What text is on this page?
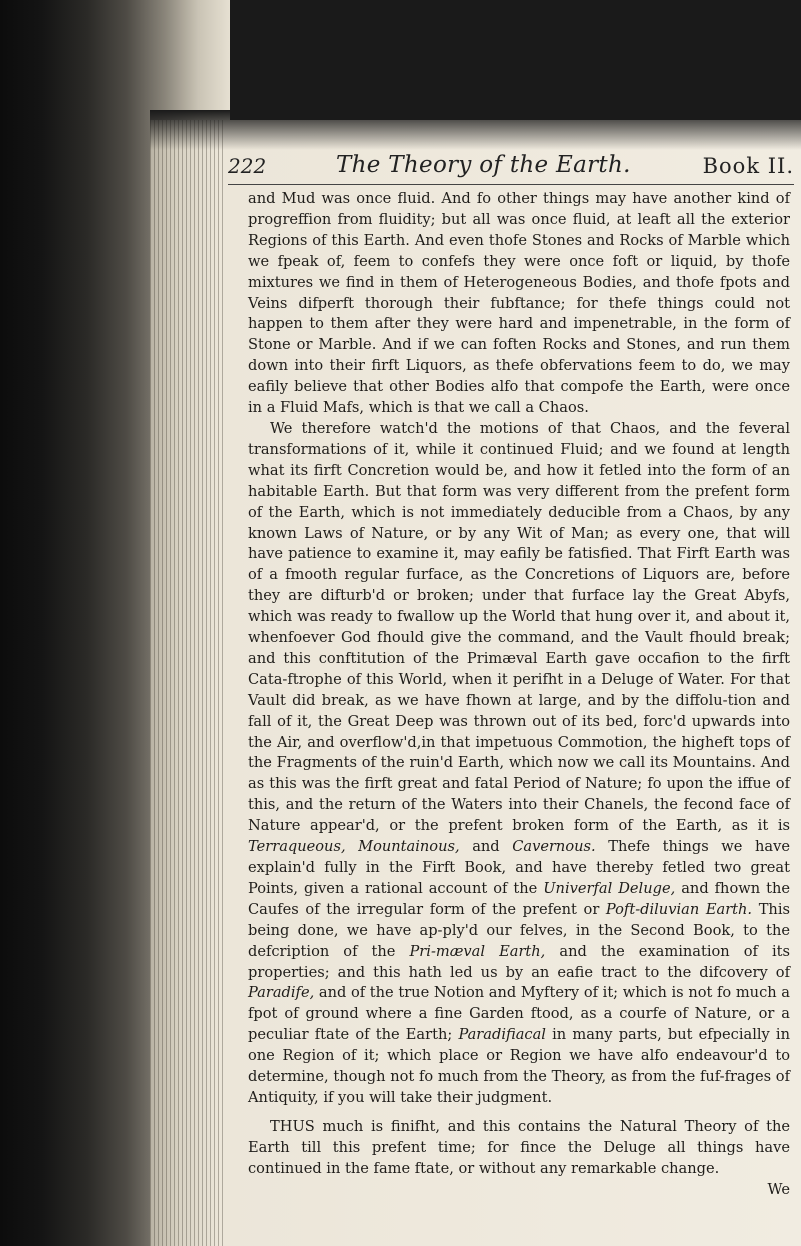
222	The Theory of the Earth.	Book II.

and Mud was once fluid. And fo other things may have another kind of progreffion from fluidity; but all was once fluid, at leaft all the exterior Regions of this Earth. And even thofe Stones and Rocks of Marble which we fpeak of, feem to confefs they were once foft or liquid, by thofe mixtures we find in them of Heterogeneous Bodies, and thofe fpots and Veins difperft thorough their fubftance; for thefe things could not happen to them after they were hard and impenetrable, in the form of Stone or Marble. And if we can foften Rocks and Stones, and run them down into their firft Liquors, as thefe obfervations feem to do, we may eafily believe that other Bodies alfo that compofe the Earth, were once in a Fluid Mafs, which is that we call a Chaos.

We therefore watch'd the motions of that Chaos, and the feveral transformations of it, while it continued Fluid; and we found at length what its firft Concretion would be, and how it fetled into the form of an habitable Earth. But that form was very different from the prefent form of the Earth, which is not immediately deducible from a Chaos, by any known Laws of Nature, or by any Wit of Man; as every one, that will have patience to examine it, may eafily be fatisfied. That Firft Earth was of a fmooth regular furface, as the Concretions of Liquors are, before they are difturb'd or broken; under that furface lay the Great Abyfs, which was ready to fwallow up the World that hung over it, and about it, whenfoever God fhould give the command, and the Vault fhould break; and this conftitution of the Primæval Earth gave occafion to the firft Cata-ftrophe of this World, when it perifht in a Deluge of Water. For that Vault did break, as we have fhown at large, and by the diffolu-tion and fall of it, the Great Deep was thrown out of its bed, forc'd upwards into the Air, and overflow'd,in that impetuous Commotion, the higheft tops of the Fragments of the ruin'd Earth, which now we call its Mountains. And as this was the firft great and fatal Period of Nature; fo upon the iffue of this, and the return of the Waters into their Chanels, the fecond face of Nature appear'd, or the prefent broken form of the Earth, as it is Terraqueous, Mountainous, and Cavernous. Thefe things we have explain'd fully in the Firft Book, and have thereby fetled two great Points, given a rational account of the Univerfal Deluge, and fhown the Caufes of the irregular form of the prefent or Poft-diluvian Earth. This being done, we have ap-ply'd our felves, in the Second Book, to the defcription of the Pri-mæval Earth, and the examination of its properties; and this hath led us by an eafie tract to the difcovery of Paradife, and of the true Notion and Myftery of it; which is not fo much a fpot of ground where a fine Garden ftood, as a courfe of Nature, or a peculiar ftate of the Earth; Paradifiacal in many parts, but efpecially in one Region of it; which place or Region we have alfo endeavour'd to determine, though not fo much from the Theory, as from the fuf-frages of Antiquity, if you will take their judgment.

THUS much is finifht, and this contains the Natural Theory of the Earth till this prefent time; for fince the Deluge all things have continued in the fame ftate, or without any remarkable change.

We
